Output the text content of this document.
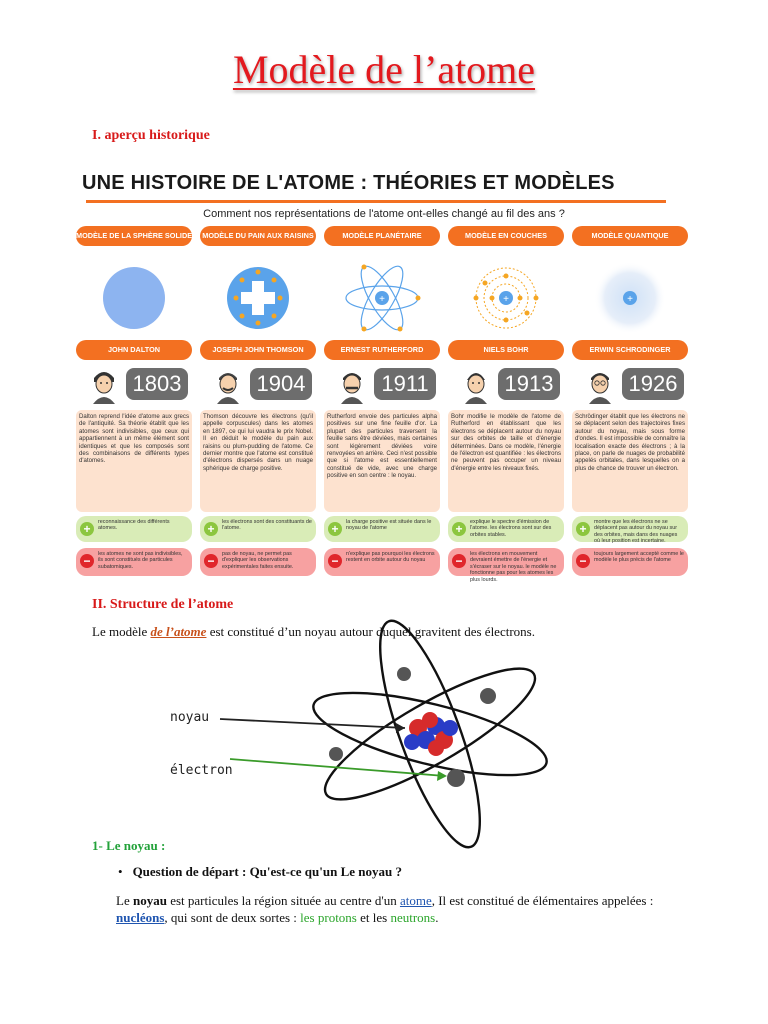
Modèle de l’atome
I. aperçu historique
UNE HISTOIRE DE L'ATOME : THÉORIES ET MODÈLES
Comment nos représentations de l'atome ont-elles changé au fil des ans ?
MODÈLE DE LA SPHÈRE SOLIDE
JOHN DALTON
1803
Dalton reprend l'idée d'atome aux grecs de l'antiquité. Sa théorie établit que les atomes sont indivisibles, que ceux qui appartiennent à un même élément sont identiques et que les composés sont des combinaisons de différents types d'atomes.
+	reconnaissance des différents atomes.
−	les atomes ne sont pas indivisibles, ils sont constitués de particules subatomiques.
MODÈLE DU PAIN AUX RAISINS
JOSEPH JOHN THOMSON
1904
Thomson découvre les électrons (qu'il appelle corpuscules) dans les atomes en 1897, ce qui lui vaudra le prix Nobel. Il en déduit le modèle du pain aux raisins ou plum-pudding de l'atome. Ce dernier montre que l'atome est constitué d'électrons dispersés dans un nuage sphérique de charge positive.
+	les électrons sont des constituants de l'atome.
−	pas de noyau, ne permet pas d'expliquer les observations expérimentales faites ensuite.
MODÈLE PLANÉTAIRE
+
ERNEST RUTHERFORD
1911
Rutherford envoie des particules alpha positives sur une fine feuille d'or. La plupart des particules traversent la feuille sans être déviées, mais certaines sont légèrement déviées voire renvoyées en arrière. Ceci n'est possible que si l'atome est essentiellement constitué de vide, avec une charge positive en son centre : le noyau.
+	la charge positive est située dans le noyau de l'atome
−	n'explique pas pourquoi les électrons restent en orbite autour du noyau
MODÈLE EN COUCHES
+
NIELS BOHR
1913
Bohr modifie le modèle de l'atome de Rutherford en établissant que les électrons se déplacent autour du noyau sur des orbites de taille et d'énergie déterminées. Dans ce modèle, l'énergie de l'électron est quantifiée : les électrons ne peuvent pas occuper un niveau d'énergie entre les niveaux fixés.
+	explique le spectre d'émission de l'atome. les électrons sont sur des orbites stables.
−	les électrons en mouvement devraient émettre de l'énergie et s'écraser sur le noyau. le modèle ne fonctionne pas pour les atomes les plus lourds.
MODÈLE QUANTIQUE
+
ERWIN SCHRODINGER
1926
Schrödinger établit que les électrons ne se déplacent selon des trajectoires fixes autour du noyau, mais sous forme d'ondes. Il est impossible de connaître la localisation exacte des électrons ; à la place, on parle de nuages de probabilité appelés orbitales, dans lesquelles on a plus de chance de trouver un électron.
+	montre que les électrons ne se déplacent pas autour du noyau sur des orbites, mais dans des nuages où leur position est incertaine.
−	toujours largement accepté comme le modèle le plus précis de l'atome
II. Structure de l’atome
Le modèle de l’atome est constitué d’un noyau autour duquel gravitent des électrons.
noyau
électron
1- Le noyau :
• Question de départ : Qu'est-ce qu'un Le noyau ?
Le noyau est particules la région située au centre d'un atome, Il est constitué de élémentaires appelées : nucléons, qui sont de deux sortes : les protons et les neutrons.
